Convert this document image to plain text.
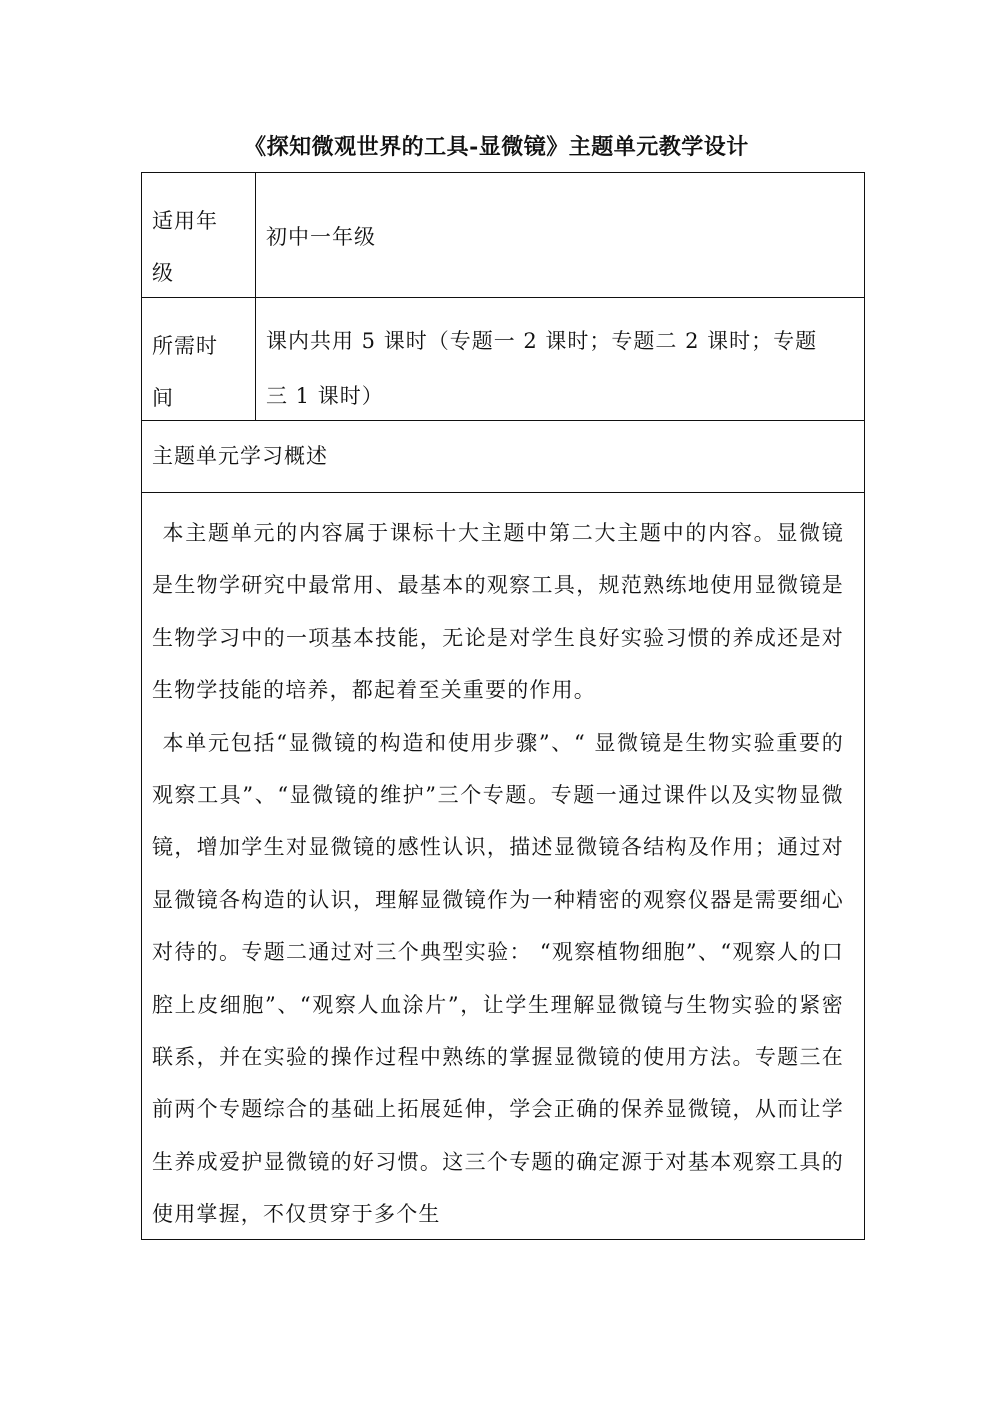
《探知微观世界的工具-显微镜》主题单元教学设计
适用年级
初中一年级
所需时间
课内共用 5 课时（专题一 2 课时；专题二 2 课时；专题三 1 课时）
主题单元学习概述

本主题单元的内容属于课标十大主题中第二大主题中的内容。显微镜是生物学研究中最常用、最基本的观察工具，规范熟练地使用显微镜是生物学习中的一项基本技能，无论是对学生良好实验习惯的养成还是对生物学技能的培养，都起着至关重要的作用。

本单元包括“显微镜的构造和使用步骤”、“ 显微镜是生物实验重要的观察工具”、“显微镜的维护”三个专题。专题一通过课件以及实物显微镜，增加学生对显微镜的感性认识，描述显微镜各结构及作用；通过对显微镜各构造的认识，理解显微镜作为一种精密的观察仪器是需要细心对待的。专题二通过对三个典型实验： “观察植物细胞”、“观察人的口腔上皮细胞”、“观察人血涂片”，让学生理解显微镜与生物实验的紧密联系，并在实验的操作过程中熟练的掌握显微镜的使用方法。专题三在前两个专题综合的基础上拓展延伸，学会正确的保养显微镜，从而让学生养成爱护显微镜的好习惯。这三个专题的确定源于对基本观察工具的使用掌握，不仅贯穿于多个生
